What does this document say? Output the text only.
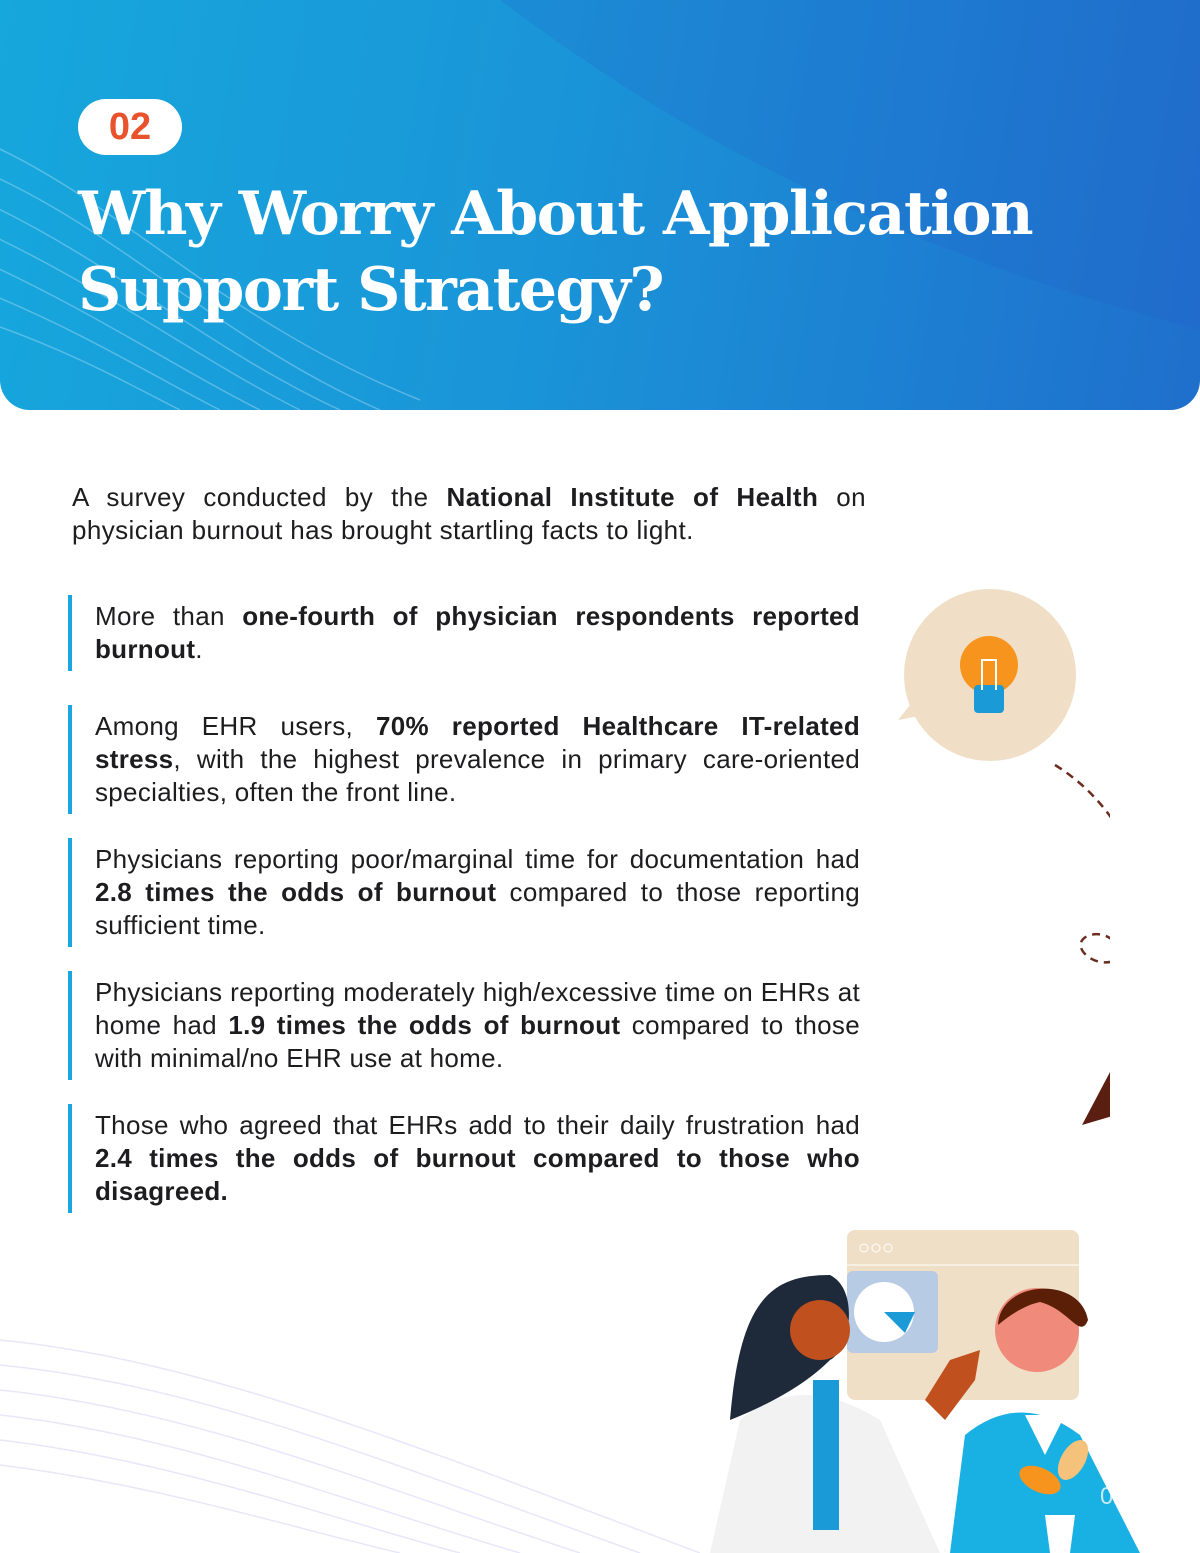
02
Why Worry About Application
Support Strategy?

A survey conducted by the National Institute of Health on physician burnout has brought startling facts to light.

More than one-fourth of physician respondents reported burnout.

Among EHR users, 70% reported Healthcare IT-related stress, with the highest prevalence in primary care-oriented specialties, often the front line.

Physicians reporting poor/marginal time for documentation had 2.8 times the odds of burnout compared to those reporting sufficient time.

Physicians reporting moderately high/excessive time on EHRs at home had 1.9 times the odds of burnout compared to those with minimal/no EHR use at home.

Those who agreed that EHRs add to their daily frustration had 2.4 times the odds of burnout compared to those who disagreed.

02
